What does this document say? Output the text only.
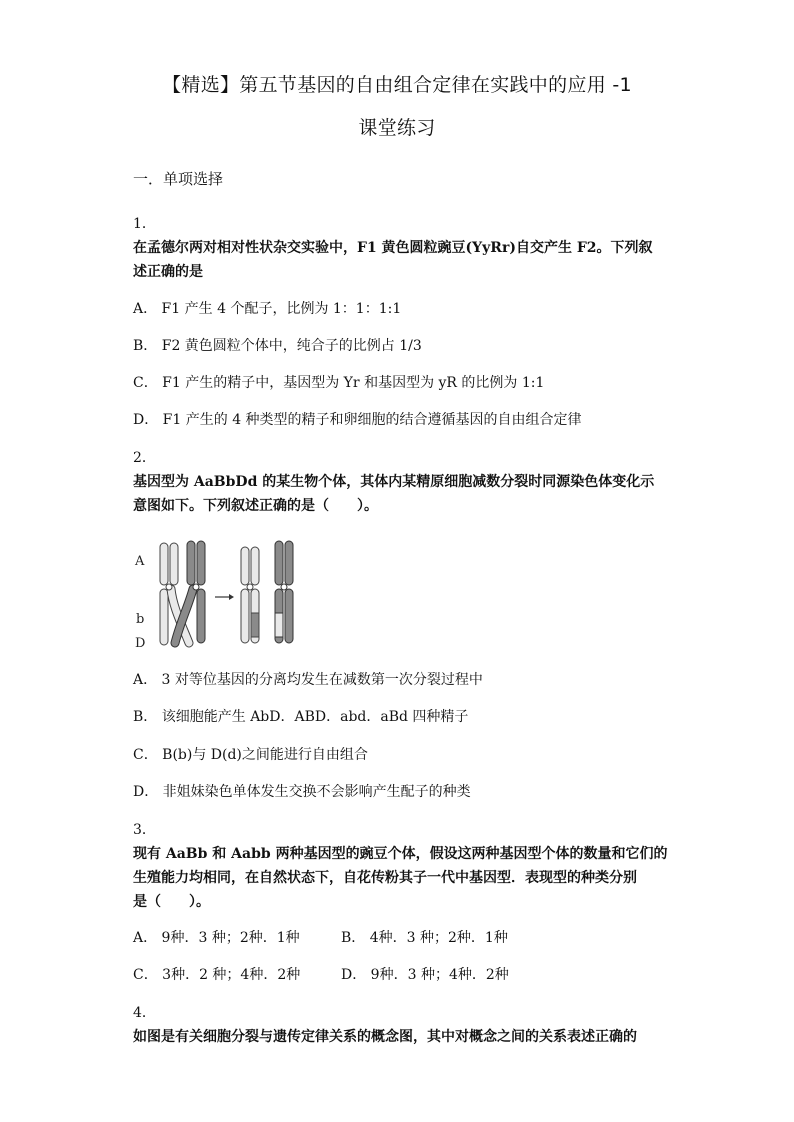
【精选】第五节基因的自由组合定律在实践中的应用 -1
课堂练习
一．单项选择
1．
在孟德尔两对相对性状杂交实验中，F1 黄色圆粒豌豆(YyRr)自交产生 F2。下列叙
述正确的是
A． F1 产生 4 个配子，比例为 1：1：1:1
B． F2 黄色圆粒个体中，纯合子的比例占 1/3
C． F1 产生的精子中，基因型为 Yr 和基因型为 yR 的比例为 1:1
D． F1 产生的 4 种类型的精子和卵细胞的结合遵循基因的自由组合定律
2．
基因型为 AaBbDd 的某生物个体，其体内某精原细胞减数分裂时同源染色体变化示
意图如下。下列叙述正确的是（　　）。
A
b
D
A． 3 对等位基因的分离均发生在减数第一次分裂过程中
B． 该细胞能产生 AbD．ABD．abd．aBd 四种精子
C． B(b)与 D(d)之间能进行自由组合
D． 非姐妹染色单体发生交换不会影响产生配子的种类
3．
现有 AaBb 和 Aabb 两种基因型的豌豆个体，假设这两种基因型个体的数量和它们的
生殖能力均相同，在自然状态下，自花传粉其子一代中基因型．表现型的种类分别
是（　　）。
A． 9种．3 种；2种．1种	B． 4种．3 种；2种．1种
C． 3种．2 种；4种．2种	D． 9种．3 种；4种．2种
4．
如图是有关细胞分裂与遗传定律关系的概念图，其中对概念之间的关系表述正确的
